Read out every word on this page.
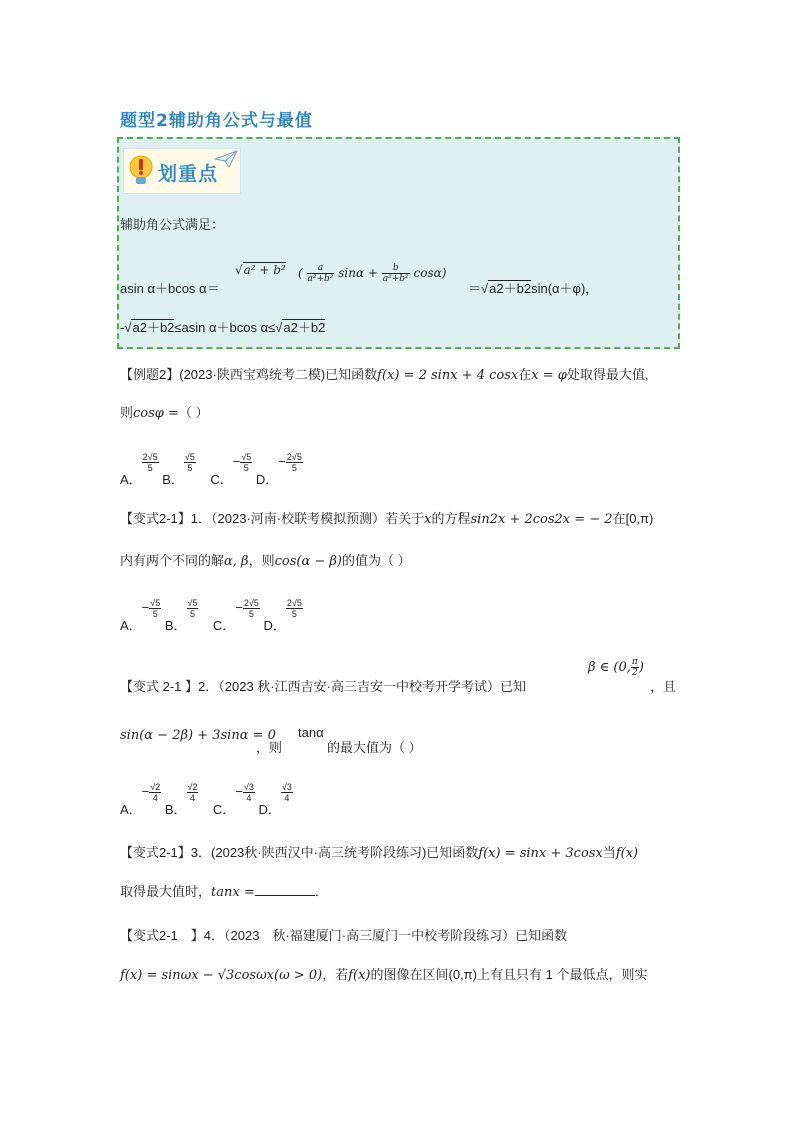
题型2辅助角公式与最值
划重点
辅助角公式满足：
asin α＋bcos α＝
√a² + b² ( $\frac{a}{\text{a²+b²}}$ $\sin\alpha + \frac{b}{\text{a²+b²}} \cos\alpha$)
＝√a2＋b2sin(α＋φ)，
-√a2＋b2≤asin α＋bcos α≤√a2＋b2
【例题2】(2023·陕西宝鸡统考二模)已知函数f(x) = 2 sinx + 4 cosx在x = φ处取得最大值,
则cosφ =（ ）
A．
$\frac{2√5}{5}$
B．
$\frac{√5}{5}$
C．− $\frac{√5}{5}$
D．− $\frac{2√5}{5}$
【变式2-1】1．（2023·河南·校联考模拟预测）若关于x的方程sin2x + 2cos2x = − 2在[0,π)
内有两个不同的解α, β，则cos(α − β)的值为（ ）
A．− $\frac{√5}{5}$
B．
$\frac{√5}{5}$
C．− $\frac{2√5}{5}$
D．
$\frac{2√5}{5}$
【变式 2-1 】2．（2023 秋·江西吉安·高三吉安一中校考开学考试）已知
β ∈ (0, $\frac{\pi}{2}$ )
，且
sin(α − 2β) + 3sinα = 0
，则
tanα
的最大值为（ ）
A．− $\frac{√2}{4}$
B．
$\frac{√2}{4}$
C．− $\frac{√3}{4}$
D．
$\frac{√3}{4}$
【变式2-1】3．(2023秋·陕西汉中·高三统考阶段练习)已知函数f(x) = sinx + 3cosx当f(x)
取得最大值时，tanx =	．
【变式2-1　】4．（2023　秋·福建厦门·高三厦门一中校考阶段练习）已知函数
f(x) = sinωx − √3cosωx(ω > 0)，若f(x)的图像在区间(0,π)上有且只有 1 个最低点，则实
